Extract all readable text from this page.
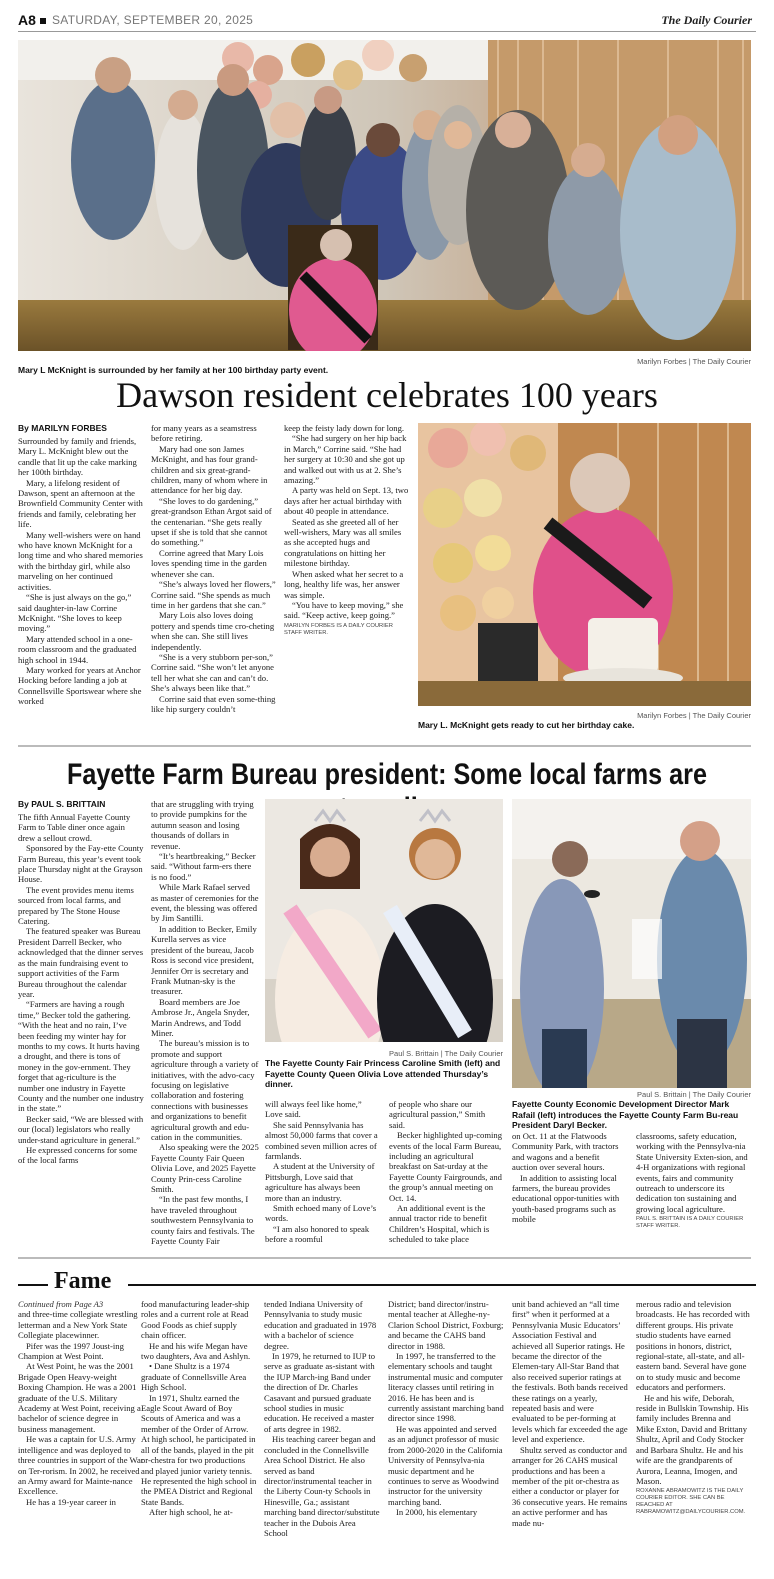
A8 SATURDAY, SEPTEMBER 20, 2025	The Daily Courier
Marilyn Forbes | The Daily Courier
Mary L McKnight is surrounded by her family at her 100 birthday party event.
Dawson resident celebrates 100 years
By MARILYN FORBES

Surrounded by family and friends, Mary L. McKnight blew out the candle that lit up the cake marking her 100th birthday.

Mary, a lifelong resident of Dawson, spent an afternoon at the Brownfield Community Center with friends and family, celebrating her life.

Many well-wishers were on hand who have known McKnight for a long time and who shared memories with the birthday girl, while also marveling on her continued activities.

“She is just always on the go,” said daughter-in-law Corrine McKnight. “She loves to keep moving.”

Mary attended school in a one-room classroom and the graduated high school in 1944.

Mary worked for years at Anchor Hocking before landing a job at Connellsville Sportswear where she worked

for many years as a seamstress before retiring.

Mary had one son James McKnight, and has four grand-children and six great-grand-children, many of whom where in attendance for her big day.

“She loves to do gardening,” great-grandson Ethan Argot said of the centenarian. “She gets really upset if she is told that she cannot do something.”

Corrine agreed that Mary Lois loves spending time in the garden whenever she can.

“She’s always loved her flowers,” Corrine said. “She spends as much time in her gardens that she can.”

Mary Lois also loves doing pottery and spends time cro-cheting when she can. She still lives independently.

“She is a very stubborn per-son,” Corrine said. “She won’t let anyone tell her what she can and can’t do. She’s always been like that.”

Corrine said that even some-thing like hip surgery couldn’t

keep the feisty lady down for long.

“She had surgery on her hip back in March,” Corrine said. “She had her surgery at 10:30 and she got up and walked out with us at 2. She’s amazing.”

A party was held on Sept. 13, two days after her actual birthday with about 40 people in attendance.

Seated as she greeted all of her well-wishers, Mary was all smiles as she accepted hugs and congratulations on hitting her milestone birthday.

When asked what her secret to a long, healthy life was, her answer was simple.

“You have to keep moving,” she said. “Keep active, keep going.”

MARILYN FORBES IS A DAILY COURIER STAFF WRITER.
Marilyn Forbes | The Daily Courier
Mary L. McKnight gets ready to cut her birthday cake.
Fayette Farm Bureau president: Some local farms are
By PAUL S. BRITTAIN

The fifth Annual Fayette County Farm to Table diner once again drew a sellout crowd.

Sponsored by the Fay-ette County Farm Bureau, this year’s event took place Thursday night at the Grayson House.

The event provides menu items sourced from local farms, and prepared by The Stone House Catering.

The featured speaker was Bureau President Darrell Becker, who acknowledged that the dinner serves as the main fundraising event to support activities of the Farm Bureau throughout the calendar year.

“Farmers are having a rough time,” Becker told the gathering. “With the heat and no rain, I’ve been feeding my winter hay for months to my cows. It hurts having a drought, and there is tons of money in the gov-ernment. They forget that ag-riculture is the number one industry in Fayette County and the number one industry in the state.”

Becker said, “We are blessed with our (local) legislators who really under-stand agriculture in general.”

He expressed concerns for some of the local farms

that are struggling with trying to provide pumpkins for the autumn season and losing thousands of dollars in revenue.

“It’s heartbreaking,” Becker said. “Without farm-ers there is no food.”

While Mark Rafael served as master of ceremonies for the event, the blessing was offered by Jim Santilli.

In addition to Becker, Emily Kurella serves as vice president of the bureau, Jacob Ross is second vice president, Jennifer Orr is secretary and Frank Mutnan-sky is the treasurer.

Board members are Joe Ambrose Jr., Angela Snyder, Marin Andrews, and Todd Miner.

The bureau’s mission is to promote and support agriculture through a variety of initiatives, with the advo-cacy focusing on legislative collaboration and fostering connections with businesses and organizations to benefit agricultural growth and edu-cation in the communities.

Also speaking were the 2025 Fayette County Fair Queen Olivia Love, and 2025 Fayette County Prin-cess Caroline Smith.

“In the past few months, I have traveled throughout southwestern Pennsylvania to county fairs and festivals. The Fayette County Fair

Paul S. Brittain | The Daily Courier
The Fayette County Fair Princess Caroline Smith (left) and Fayette County Queen Olivia Love attended Thursday’s dinner.
Paul S. Brittain | The Daily Courier
Fayette County Economic Development Director Mark Rafail (left) introduces the Fayette County Farm Bu-reau President Daryl Becker.

will always feel like home,” Love said.

She said Pennsylvania has almost 50,000 farms that cover a combined seven million acres of farmlands.

A student at the University of Pittsburgh, Love said that agriculture has always been more than an industry.

Smith echoed many of Love’s words.

“I am also honored to speak before a roomful

of people who share our agricultural passion,” Smith said.

Becker highlighted up-coming events of the local Farm Bureau, including an agricultural breakfast on Sat-urday at the Fayette County Fairgrounds, and the group’s annual meeting on Oct. 14.

An additional event is the annual tractor ride to benefit Children’s Hospital, which is scheduled to take place

on Oct. 11 at the Flatwoods Community Park, with tractors and wagons and a benefit auction over several hours.

In addition to assisting local farmers, the bureau provides educational oppor-tunities with youth-based programs such as mobile

classrooms, safety education, working with the Pennsylva-nia State University Exten-sion, and 4-H organizations with regional events, fairs and community outreach to underscore its dedication ton sustaining and growing local agriculture.

PAUL S. BRITTAIN IS A DAILY COURIER STAFF WRITER.
Fame
Continued from Page A3

and three-time collegiate wrestling letterman and a New York State Collegiate placewinner.

Pifer was the 1997 Joust-ing Champion at West Point.

At West Point, he was the 2001 Brigade Open Heavy-weight Boxing Champion. He was a 2001 graduate of the U.S. Military Academy at West Point, receiving a bachelor of science degree in business management.

He was a captain for U.S. Army intelligence and was deployed to three countries in support of the War on Ter-rorism. In 2002, he received an Army award for Mainte-nance Excellence.

He has a 19-year career in

food manufacturing leader-ship roles and a current role at Read Good Foods as chief supply chain officer.

He and his wife Megan have two daughters, Ava and Ashlyn.

• Dane Shultz is a 1974 graduate of Connellsville Area High School.

In 1971, Shultz earned the Eagle Scout Award of Boy Scouts of America and was a member of the Order of Arrow. At high school, he participated in all of the bands, played in the pit or-chestra for two productions and played junior variety tennis. He represented the high school in the PMEA District and Regional State Bands.

After high school, he at-

tended Indiana University of Pennsylvania to study music education and graduated in 1978 with a bachelor of science degree.

In 1979, he returned to IUP to serve as graduate as-sistant with the IUP March-ing Band under the direction of Dr. Charles Casavant and pursued graduate school studies in music education. He received a master of arts degree in 1982.

His teaching career began and concluded in the Connellsville Area School District. He also served as band director/instrumental teacher in the Liberty Coun-ty Schools in Hinesville, Ga.; assistant marching band director/substitute teacher in the Dubois Area School

District; band director/instru-mental teacher at Alleghe-ny-Clarion School District, Foxburg; and became the CAHS band director in 1988.

In 1997, he transferred to the elementary schools and taught instrumental music and computer literacy classes until retiring in 2016. He has been and is currently assistant marching band director since 1998.

He was appointed and served as an adjunct professor of music from 2000-2020 in the California University of Pennsylva-nia music department and he continues to serve as Woodwind instructor for the university marching band.

In 2000, his elementary

unit band achieved an “all time first” when it performed at a Pennsylvania Music Educators’ Association Festival and achieved all Superior ratings. He became the director of the Elemen-tary All-Star Band that also received superior ratings at the festivals. Both bands received these ratings on a yearly, repeated basis and were evaluated to be per-forming at levels which far exceeded the age level and experience.

Shultz served as conductor and arranger for 26 CAHS musical productions and has been a member of the pit or-chestra as either a conductor or player for 36 consecutive years. He remains an active performer and has made nu-

merous radio and television broadcasts. He has recorded with different groups. His private studio students have earned positions in honors, district, regional-state, all-state, and all-eastern band. Several have gone on to study music and become educators and performers.

He and his wife, Deborah, reside in Bullskin Township. His family includes Brenna and Mike Exton, David and Brittany Shultz, April and Cody Stocker and Barbara Shultz. He and his wife are the grandparents of Aurora, Leanna, Imogen, and Mason.

ROXANNE ABRAMOWITZ IS THE DAILY COURIER EDITOR. SHE CAN BE REACHED AT RABRAMOWITZ@DAILYCOURIER.COM.
